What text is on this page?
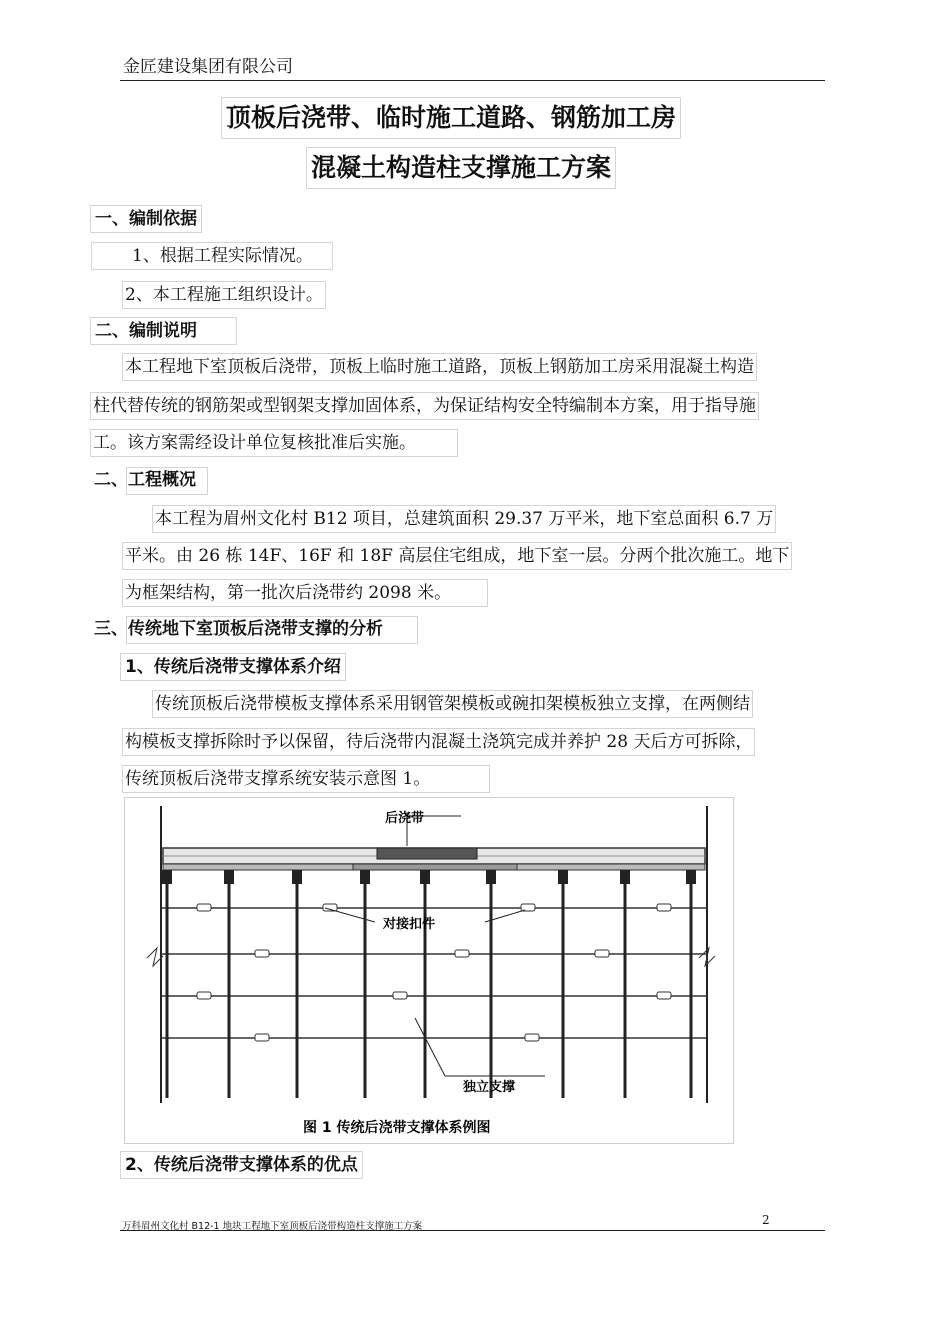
金匠建设集团有限公司
顶板后浇带、临时施工道路、钢筋加工房
混凝土构造柱支撑施工方案
一、编制依据
1、根据工程实际情况。
2、本工程施工组织设计。
二、编制说明
本工程地下室顶板后浇带，顶板上临时施工道路，顶板上钢筋加工房采用混凝土构造
柱代替传统的钢筋架或型钢架支撑加固体系，为保证结构安全特编制本方案，用于指导施
工。该方案需经设计单位复核批准后实施。
二、工程概况
本工程为眉州文化村 B12 项目，总建筑面积 29.37 万平米，地下室总面积 6.7 万
平米。由 26 栋 14F、16F 和 18F 高层住宅组成，地下室一层。分两个批次施工。地下
为框架结构，第一批次后浇带约 2098 米。
三、传统地下室顶板后浇带支撑的分析
1、传统后浇带支撑体系介绍
传统顶板后浇带模板支撑体系采用钢管架模板或碗扣架模板独立支撑，在两侧结
构模板支撑拆除时予以保留，待后浇带内混凝土浇筑完成并养护 28 天后方可拆除，
传统顶板后浇带支撑系统安装示意图 1。
后浇带
对接扣件
独立支撑
图 1 传统后浇带支撑体系例图
2、传统后浇带支撑体系的优点
万科眉州文化村 B12-1 地块工程地下室顶板后浇带构造柱支撑施工方案	2
